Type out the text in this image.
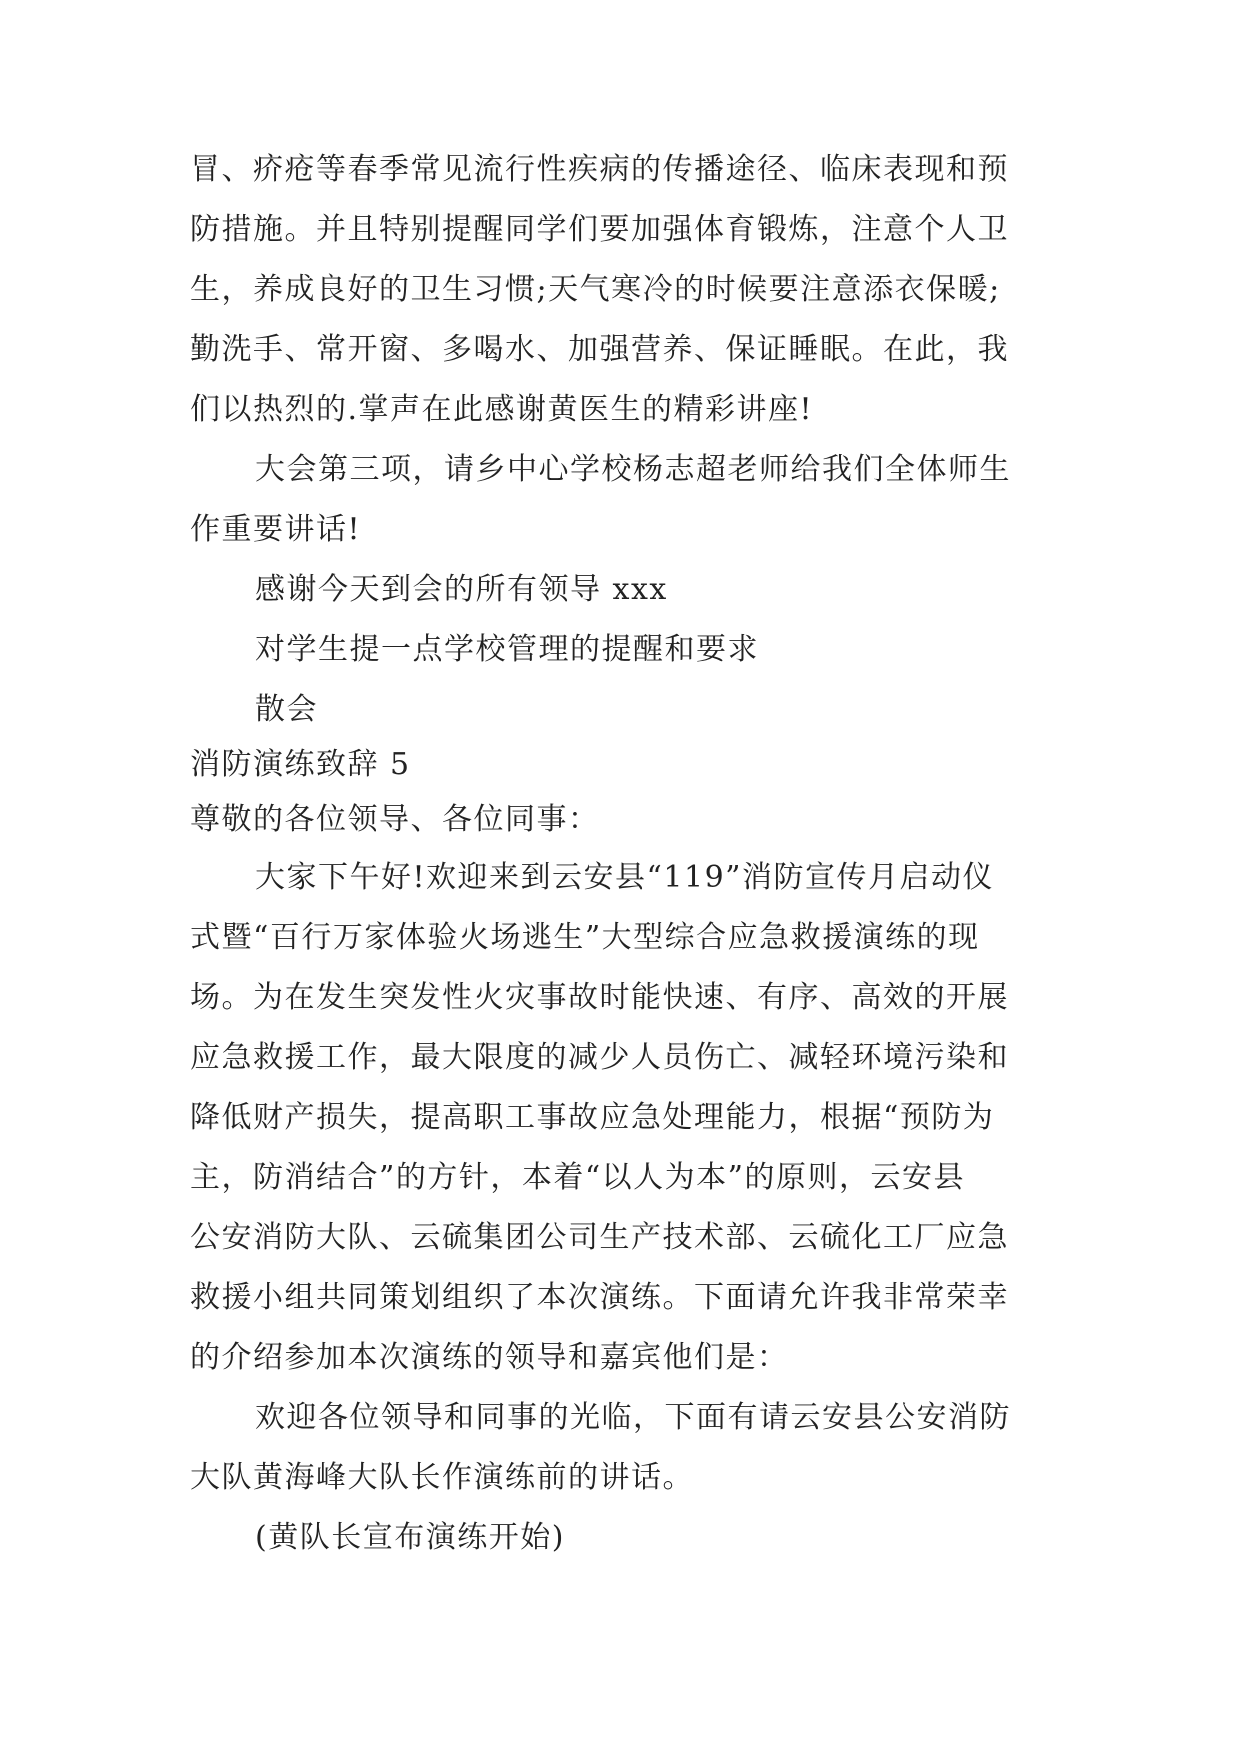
冒、疥疮等春季常见流行性疾病的传播途径、临床表现和预
防措施。并且特别提醒同学们要加强体育锻炼，注意个人卫
生，养成良好的卫生习惯;天气寒冷的时候要注意添衣保暖;
勤洗手、常开窗、多喝水、加强营养、保证睡眠。在此，我
们以热烈的.掌声在此感谢黄医生的精彩讲座!
大会第三项，请乡中心学校杨志超老师给我们全体师生
作重要讲话!
感谢今天到会的所有领导 xxx
对学生提一点学校管理的提醒和要求
散会
消防演练致辞 5
尊敬的各位领导、各位同事：
大家下午好!欢迎来到云安县“119”消防宣传月启动仪
式暨“百行万家体验火场逃生”大型综合应急救援演练的现
场。为在发生突发性火灾事故时能快速、有序、高效的开展
应急救援工作，最大限度的减少人员伤亡、减轻环境污染和
降低财产损失，提高职工事故应急处理能力，根据“预防为
主，防消结合”的方针，本着“以人为本”的原则，云安县
公安消防大队、云硫集团公司生产技术部、云硫化工厂应急
救援小组共同策划组织了本次演练。下面请允许我非常荣幸
的介绍参加本次演练的领导和嘉宾他们是：
欢迎各位领导和同事的光临，下面有请云安县公安消防
大队黄海峰大队长作演练前的讲话。
(黄队长宣布演练开始)
